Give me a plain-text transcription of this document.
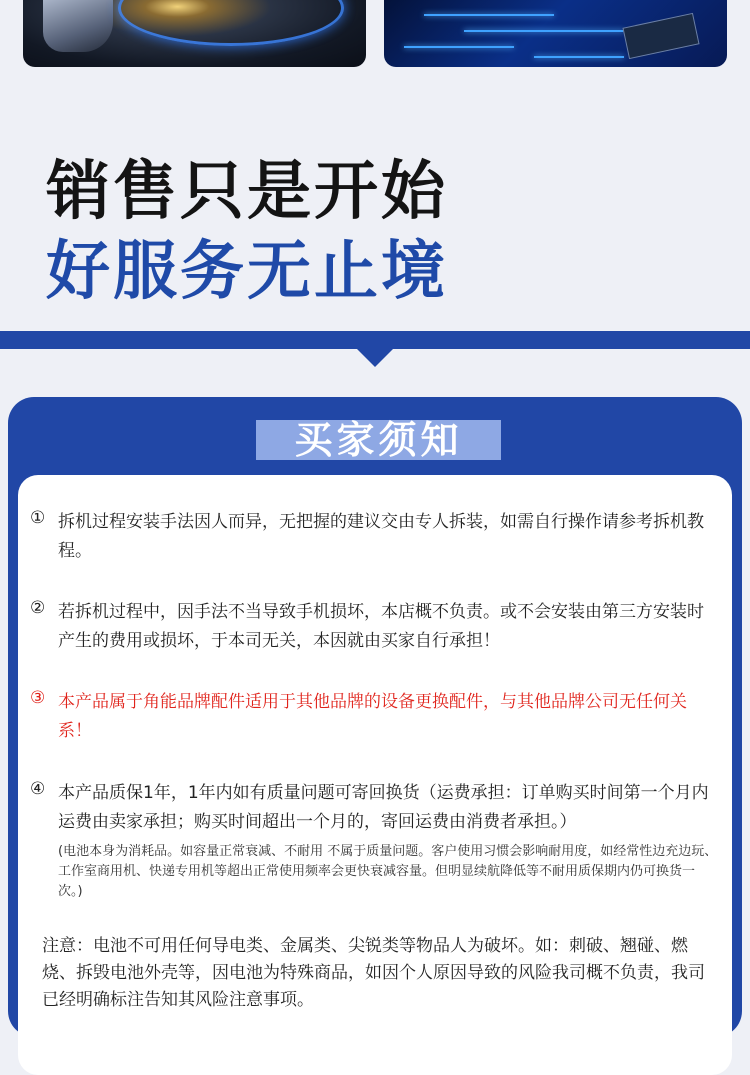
销售只是开始
好服务无止境
买家须知
① 拆机过程安装手法因人而异，无把握的建议交由专人拆装，如需自行操作请参考拆机教程。

② 若拆机过程中，因手法不当导致手机损坏，本店概不负责。或不会安装由第三方安装时产生的费用或损坏，于本司无关，本因就由买家自行承担！

③ 本产品属于角能品牌配件适用于其他品牌的设备更换配件，与其他品牌公司无任何关系！

④ 本产品质保1年，1年内如有质量问题可寄回换货（运费承担：订单购买时间第一个月内运费由卖家承担；购买时间超出一个月的，寄回运费由消费者承担。）

(电池本身为消耗品。如容量正常衰减、不耐用 不属于质量问题。客户使用习惯会影响耐用度，如经常性边充边玩、工作室商用机、快递专用机等超出正常使用频率会更快衰减容量。但明显续航降低等不耐用质保期内仍可换货一次。)

注意：电池不可用任何导电类、金属类、尖锐类等物品人为破坏。如：刺破、翘碰、燃烧、拆毁电池外壳等，因电池为特殊商品，如因个人原因导致的风险我司概不负责，我司已经明确标注告知其风险注意事项。
